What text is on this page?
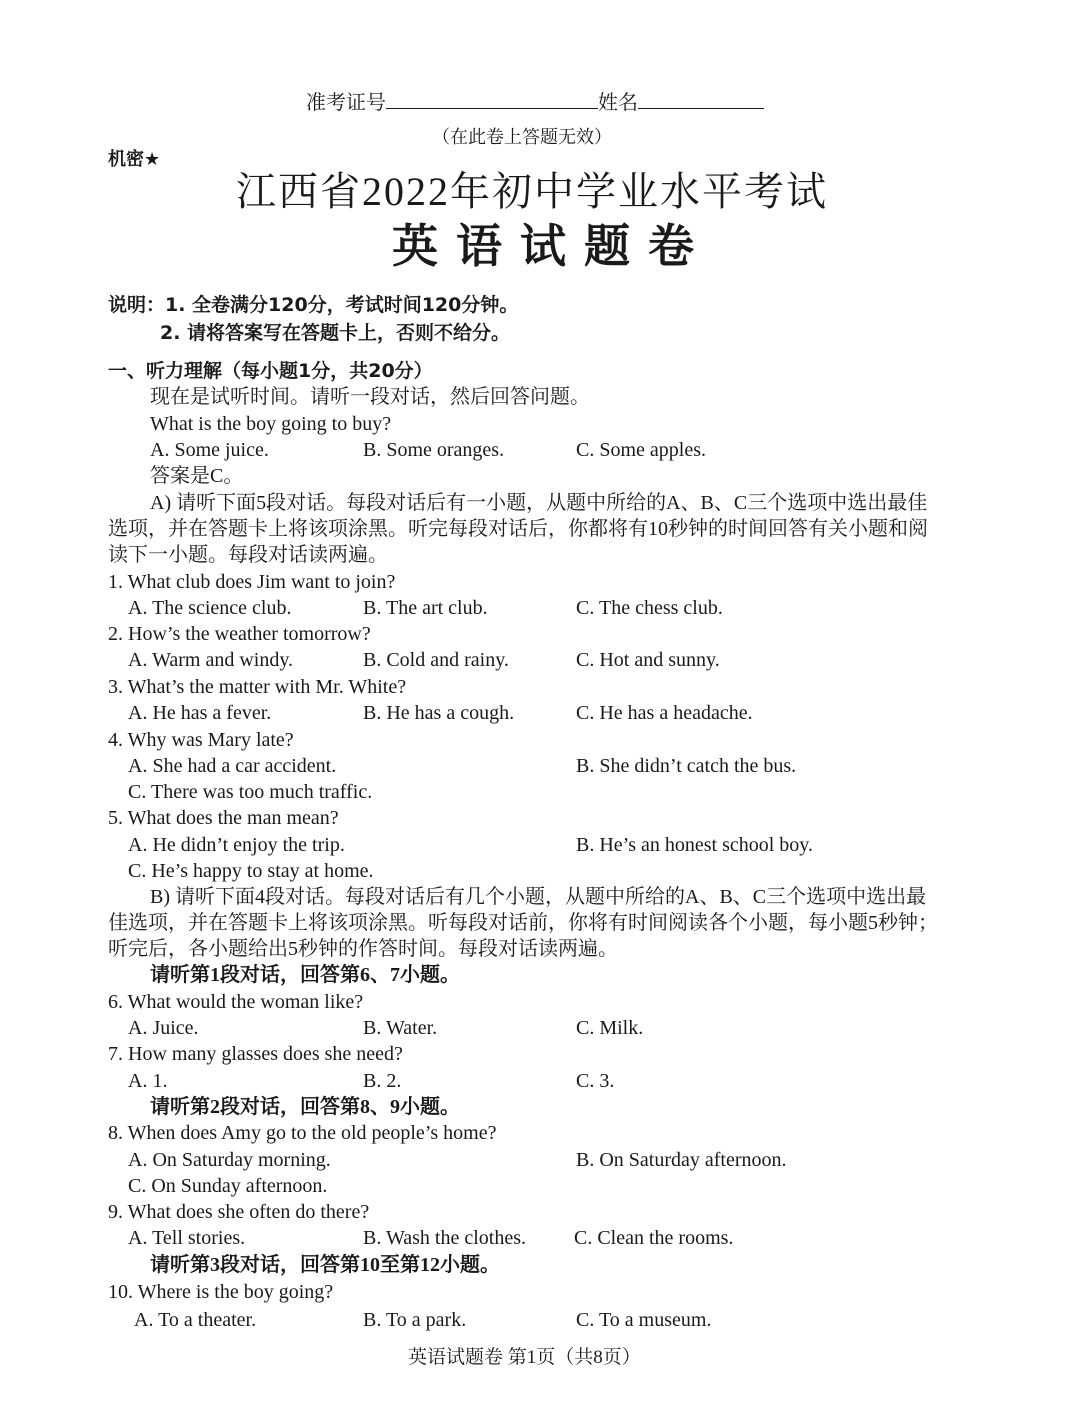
准考证号	姓名
（在此卷上答题无效）
机密★
江西省2022年初中学业水平考试
英语试题卷
说明：1. 全卷满分120分，考试时间120分钟。
2. 请将答案写在答题卡上，否则不给分。
一、听力理解（每小题1分，共20分）
现在是试听时间。请听一段对话，然后回答问题。
What is the boy going to buy?
A. Some juice.	B. Some oranges.	C. Some apples.
答案是C。
A) 请听下面5段对话。每段对话后有一小题，从题中所给的A、B、C三个选项中选出最佳
选项，并在答题卡上将该项涂黑。听完每段对话后，你都将有10秒钟的时间回答有关小题和阅
读下一小题。每段对话读两遍。
1. What club does Jim want to join?
A. The science club.	B. The art club.	C. The chess club.
2. How’s the weather tomorrow?
A. Warm and windy.	B. Cold and rainy.	C. Hot and sunny.
3. What’s the matter with Mr. White?
A. He has a fever.	B. He has a cough.	C. He has a headache.
4. Why was Mary late?
A. She had a car accident.	B. She didn’t catch the bus.
C. There was too much traffic.
5. What does the man mean?
A. He didn’t enjoy the trip.	B. He’s an honest school boy.
C. He’s happy to stay at home.
B) 请听下面4段对话。每段对话后有几个小题，从题中所给的A、B、C三个选项中选出最
佳选项，并在答题卡上将该项涂黑。听每段对话前，你将有时间阅读各个小题，每小题5秒钟；
听完后，各小题给出5秒钟的作答时间。每段对话读两遍。
请听第1段对话，回答第6、7小题。
6. What would the woman like?
A. Juice.	B. Water.	C. Milk.
7. How many glasses does she need?
A. 1.	B. 2.	C. 3.
请听第2段对话，回答第8、9小题。
8. When does Amy go to the old people’s home?
A. On Saturday morning.	B. On Saturday afternoon.
C. On Sunday afternoon.
9. What does she often do there?
A. Tell stories.	B. Wash the clothes. C. Clean the rooms.
请听第3段对话，回答第10至第12小题。
10. Where is the boy going?
A. To a theater.	B. To a park.	C. To a museum.
英语试题卷 第1页（共8页）
